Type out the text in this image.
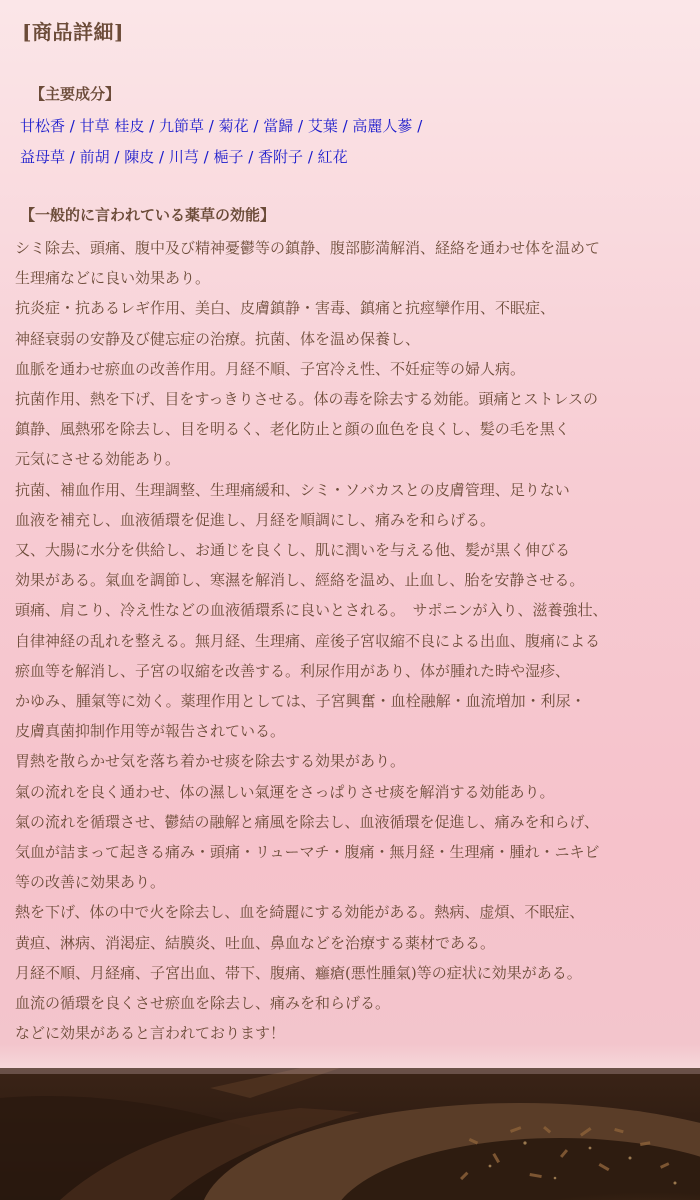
[商品詳細]
【主要成分】
甘松香 / 甘草 桂皮 / 九節草 / 菊花 / 當歸 / 艾葉 / 高麗人蔘 /
益母草 / 前胡 / 陳皮 / 川芎 / 梔子 / 香附子 / 紅花
【一般的に言われている薬草の効能】
シミ除去、頭痛、腹中及び精神憂鬱等の鎮静、腹部膨満解消、経絡を通わせ体を温めて
生理痛などに良い効果あり。
抗炎症・抗あるレギ作用、美白、皮膚鎮静・害毒、鎮痛と抗痙攣作用、不眠症、
神経衰弱の安静及び健忘症の治療。抗菌、体を温め保養し、
血脈を通わせ瘀血の改善作用。月経不順、子宮冷え性、不妊症等の婦人病。
抗菌作用、熱を下げ、目をすっきりさせる。体の毒を除去する効能。頭痛とストレスの
鎮静、風熱邪を除去し、目を明るく、老化防止と顔の血色を良くし、髪の毛を黒く
元気にさせる効能あり。
抗菌、補血作用、生理調整、生理痛緩和、シミ・ソバカスとの皮膚管理、足りない
血液を補充し、血液循環を促進し、月経を順調にし、痛みを和らげる。
又、大腸に水分を供給し、お通じを良くし、肌に潤いを与える他、髪が黒く伸びる
効果がある。氣血を調節し、寒濕を解消し、經絡を温め、止血し、胎を安静させる。
頭痛、肩こり、冷え性などの血液循環系に良いとされる。　サポニンが入り、滋養強壮、
自律神経の乱れを整える。無月経、生理痛、産後子宮収縮不良による出血、腹痛による
瘀血等を解消し、子宮の収縮を改善する。利尿作用があり、体が腫れた時や湿疹、
かゆみ、腫氣等に効く。薬理作用としては、子宮興奮・血栓融解・血流増加・利尿・
皮膚真菌抑制作用等が報告されている。
胃熱を散らかせ気を落ち着かせ痰を除去する効果があり。
氣の流れを良く通わせ、体の濕しい氣運をさっぱりさせ痰を解消する効能あり。
氣の流れを循環させ、鬱結の融解と痛風を除去し、血液循環を促進し、痛みを和らげ、
気血が詰まって起きる痛み・頭痛・リューマチ・腹痛・無月経・生理痛・腫れ・ニキビ
等の改善に効果あり。
熱を下げ、体の中で火を除去し、血を綺麗にする効能がある。熱病、虚煩、不眠症、
黄疸、淋病、消渇症、結膜炎、吐血、鼻血などを治療する薬材である。
月経不順、月経痛、子宮出血、帯下、腹痛、癰瘡(悪性腫氣)等の症状に効果がある。
血流の循環を良くさせ瘀血を除去し、痛みを和らげる。
などに効果があると言われております！
